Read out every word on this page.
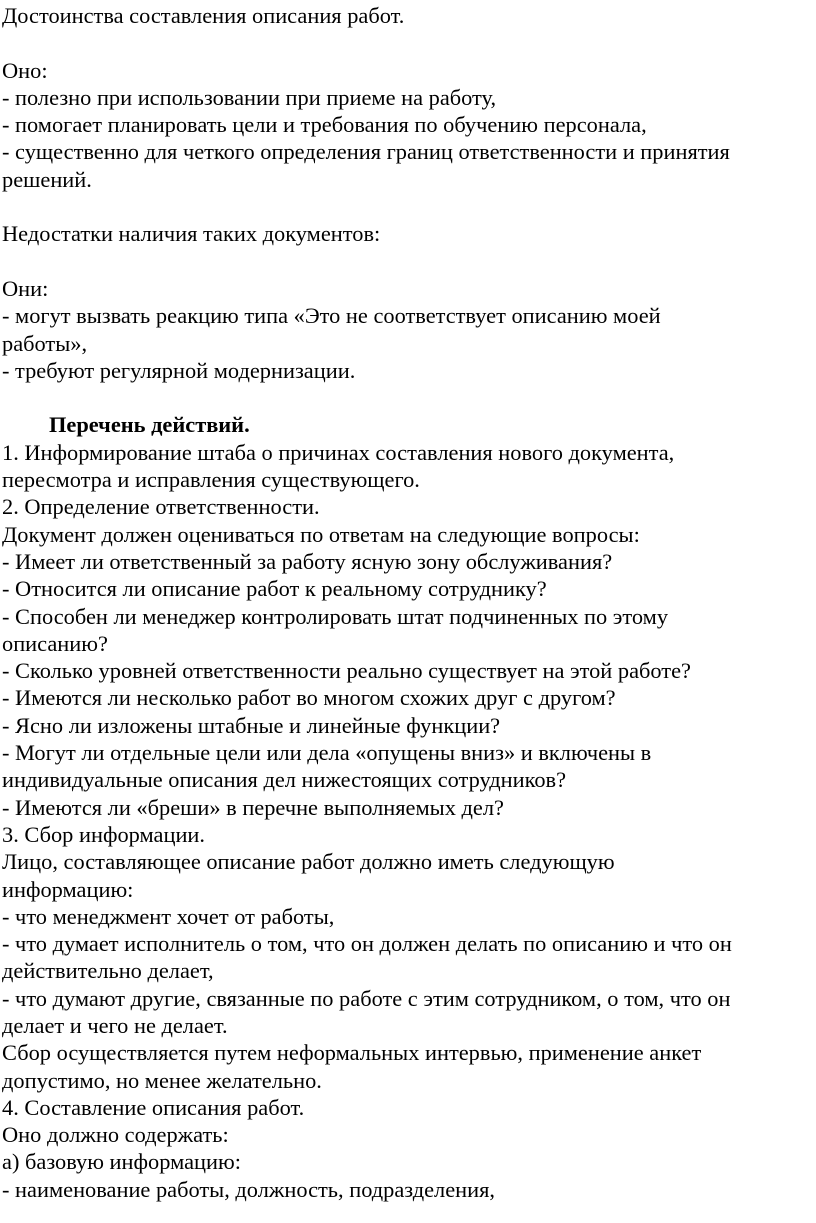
Достоинства составления описания работ.
Оно:
- полезно при использовании при приеме на работу,
- помогает планировать цели и требования по обучению персонала,
- существенно для четкого определения границ ответственности и принятия
решений.
Недостатки наличия таких документов:
Они:
- могут вызвать реакцию типа «Это не соответствует описанию моей
работы»,
- требуют регулярной модернизации.
Перечень действий.
1. Информирование штаба о причинах составления нового документа,
пересмотра и исправления существующего.
2. Определение ответственности.
Документ должен оцениваться по ответам на следующие вопросы:
- Имеет ли ответственный за работу ясную зону обслуживания?
- Относится ли описание работ к реальному сотруднику?
- Способен ли менеджер контролировать штат подчиненных по этому
описанию?
- Сколько уровней ответственности реально существует на этой работе?
- Имеются ли несколько работ во многом схожих друг с другом?
- Ясно ли изложены штабные и линейные функции?
- Могут ли отдельные цели или дела «опущены вниз» и включены в
индивидуальные описания дел нижестоящих сотрудников?
- Имеются ли «бреши» в перечне выполняемых дел?
3. Сбор информации.
Лицо, составляющее описание работ должно иметь следующую
информацию:
- что менеджмент хочет от работы,
- что думает исполнитель о том, что он должен делать по описанию и что он
действительно делает,
- что думают другие, связанные по работе с этим сотрудником, о том, что он
делает и чего не делает.
Сбор осуществляется путем неформальных интервью, применение анкет
допустимо, но менее желательно.
4. Составление описания работ.
Оно должно содержать:
а) базовую информацию:
- наименование работы, должность, подразделения,
